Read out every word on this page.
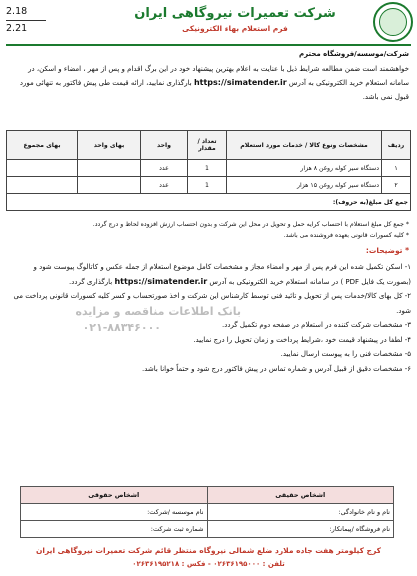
2.18
2.21
شرکت تعمیرات نیروگاهی ایران
فرم استعلام بهاء الکترونیکی
شرکت/موسسه/فروشگاه محترم
خواهشمند است ضمن مطالعه شرایط ذیل با عنایت به اعلام بهترین پیشنهاد خود در این برگ اقدام و پس از مهر ، امضاء و اسکن، در سامانه استعلام خرید الکترونیکی به آدرس https://simatender.ir بارگذاری نمایید، ارائه قیمت طی پیش فاکتور به تنهائی مورد قبول نمی باشد.
ردیف	مشخصات ونوع کالا / خدمات مورد استعلام	تعداد / مقدار	واحد	بهای واحد	بهای مجموع
۱	دستگاه سیر کوله روغن ۸ هزار	1	عدد		
۲	دستگاه سیر کوله روغن ۱۵ هزار	1	عدد		
جمع کل مبلغ(به حروف):					
* جمع کل مبلغ استعلام با احتساب کرایه حمل و تحویل در محل این شرکت و بدون احتساب ارزش افزوده لحاظ و درج گردد.
* کلیه کسورات قانونی بعهده فروشنده می باشد.
* توضیحات:
۱- اسکن تکمیل شده این فرم پس از مهر و امضاء مجاز و مشخصات کامل موضوع استعلام از جمله عکس و کاتالوگ پیوست شود و (بصورت یک فایل PDF ) در سامانه استعلام خرید الکترونیکی به آدرس https://simatender.ir بارگذاری گردد.
۲- کل بهای کالا/خدمات پس از تحویل و تائید فنی توسط کارشناس این شرکت و اخذ صورتحساب و کسر کلیه کسورات قانونی پرداخت می شود.
۳- مشخصات شرکت کننده در استعلام در صفحه دوم تکمیل گردد.
بانک اطلاعات مناقصه و مزایده
۰۲۱-۸۸۳۴۶۰۰۰
۴- لطفا در پیشنهاد قیمت خود ،شرایط پرداخت و زمان تحویل را درج نمایید.
۵- مشخصات فنی را به پیوست ارسال نمایید.
۶- مشخصات دقیق از قبیل آدرس و شماره تماس در پیش فاکتور درج شود و حتماً خوانا باشد.
اشخاص حقیقی	اشخاص حقوقی
نام و نام خانوادگی:	نام موسسه /شرکت:
نام فروشگاه /پیمانکار:	شماره ثبت شرکت:
کرج کیلومتر هفت جاده ملارد ضلع شمالی نیروگاه منتظر قائم شرکت تعمیرات نیروگاهی ایران
تلفن : ۰۲۶۳۶۱۹۵۰۰۰ - فکس : ۰۲۶۳۶۱۹۵۲۱۸
